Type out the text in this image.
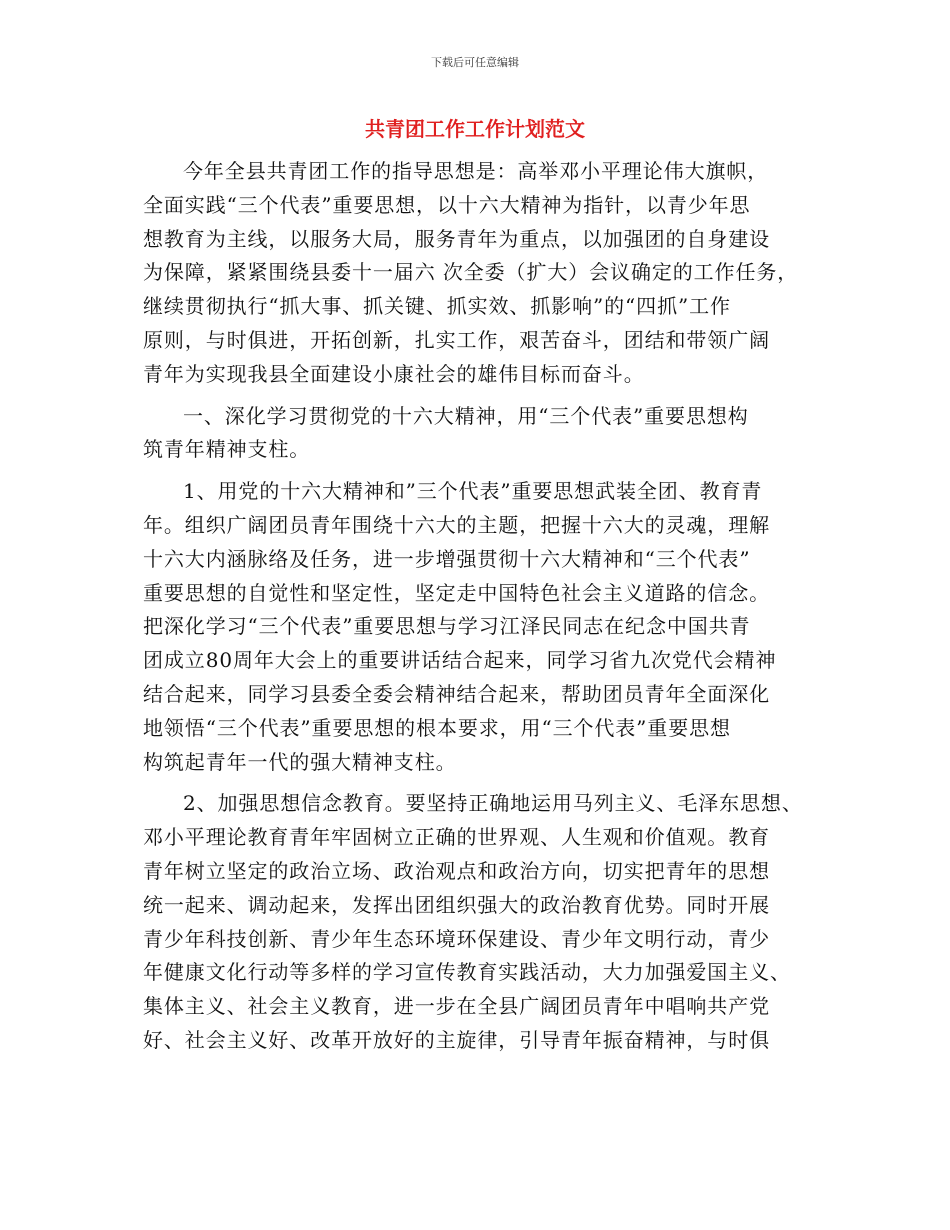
下载后可任意编辑
共青团工作工作计划范文
今年全县共青团工作的指导思想是：高举邓小平理论伟大旗帜，
全面实践“三个代表”重要思想，以十六大精神为指针，以青少年思
想教育为主线，以服务大局，服务青年为重点，以加强团的自身建设
为保障，紧紧围绕县委十一届六 次全委（扩大）会议确定的工作任务，
继续贯彻执行“抓大事、抓关键、抓实效、抓影响”的“四抓”工作
原则，与时俱进，开拓创新，扎实工作，艰苦奋斗，团结和带领广阔
青年为实现我县全面建设小康社会的雄伟目标而奋斗。
一、深化学习贯彻党的十六大精神，用“三个代表”重要思想构
筑青年精神支柱。
1、用党的十六大精神和”三个代表”重要思想武装全团、教育青
年。组织广阔团员青年围绕十六大的主题，把握十六大的灵魂，理解
十六大内涵脉络及任务，进一步增强贯彻十六大精神和“三个代表”
重要思想的自觉性和坚定性，坚定走中国特色社会主义道路的信念。
把深化学习“三个代表”重要思想与学习江泽民同志在纪念中国共青
团成立80周年大会上的重要讲话结合起来，同学习省九次党代会精神
结合起来，同学习县委全委会精神结合起来，帮助团员青年全面深化
地领悟“三个代表”重要思想的根本要求，用“三个代表”重要思想
构筑起青年一代的强大精神支柱。
2、加强思想信念教育。要坚持正确地运用马列主义、毛泽东思想、
邓小平理论教育青年牢固树立正确的世界观、人生观和价值观。教育
青年树立坚定的政治立场、政治观点和政治方向，切实把青年的思想
统一起来、调动起来，发挥出团组织强大的政治教育优势。同时开展
青少年科技创新、青少年生态环境环保建设、青少年文明行动，青少
年健康文化行动等多样的学习宣传教育实践活动，大力加强爱国主义、
集体主义、社会主义教育，进一步在全县广阔团员青年中唱响共产党
好、社会主义好、改革开放好的主旋律，引导青年振奋精神，与时俱
